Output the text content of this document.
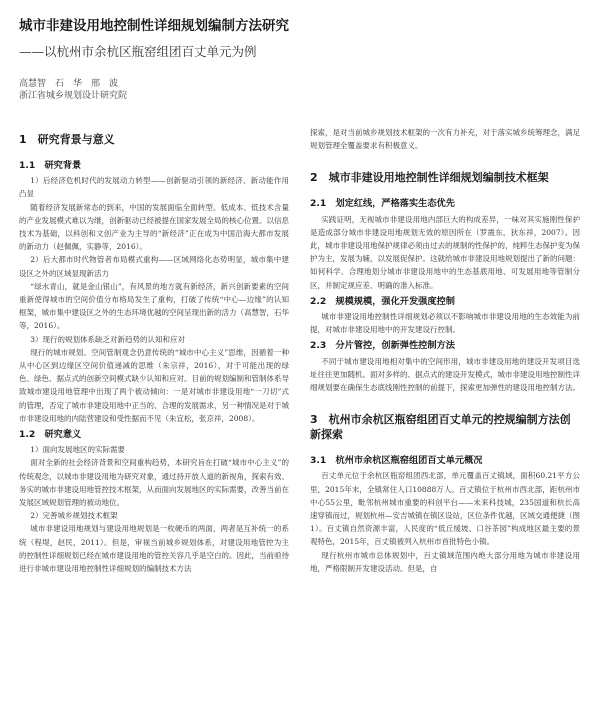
城市非建设用地控制性详细规划编制方法研究
——以杭州市余杭区瓶窑组团百丈单元为例
高慧智　石　华　邢　波
浙江省城乡规划设计研究院
1　研究背景与意义
1.1　研究背景

1）后经济危机时代的发展动力转型——创新驱动引领的新经济、新动能作用凸显

随着经济发展新常态的到来，中国的发展面临全面转型。低成本、低技术含量的产业发展模式难以为继，创新驱动已经被提在国家发展全局的核心位置。以信息技术为基础，以科创和文创产业为主导的“新经济”正在成为中国沿海大都市发展的新动力（赵佩佩，实静等，2016）。

2）后大都市时代物管者布局模式重构——区域网络化态势明显，城市集中建设区之外的区域显现新活力

“绿水青山，就是金山银山”，有风景的地方就有新经济，新兴创新要素的空间重新使得城市的空间价值分布格局发生了重构，打破了传统“中心—边缘”的认知框架，城市集中建设区之外的生态环境优越的空间呈现出新的活力（高慧智，石华等，2016）。

3）现行的规划体系缺乏对新趋势的认知和应对

现行的城市规划、空间管制观念仍意传统的“城市中心主义”思维，因循着一种从中心区到边缘区空间价值递减的思维（朱宗祥，2016），对于可能出现的绿色、绿色、据点式的创新空间模式缺少认知和应对。目前的规划编制和管制体系导致城市建设用地管理中出现了两个被动倾向：一是对城市非建设用地“一刀切”式的管理，否定了城市非建设用地中正当的、合理的发展需求，另一种情况是对于城市非建设用地的内陆营建设和受性据而不见（朱宜松，张京祥，2008）。

1.2　研究意义

1）面向发展地区的实际需要

面对全新的社会经济背景和空间重构趋势，本研究旨在打破“城市中心主义”的传统观念，以城市非建设用地为研究对象，通过持开放人道的新视角，探索有效、务实的城市非建设用地管控技术框架，从而面向发展地区的实际需要，改善当前在发展区域规划管理的被动地位。

2）完善城乡规划技术框架

城市非建设用地规划与建设用地规划是一枚硬币的两面，两者是互补统一的系统（程堤，赵民，2011）。但是，审视当前城乡规划体系，对建设用地管控为主的控制性详细规划已经在城市建设用地的管控关容几乎是空白的。因此，当前亟待进行非城市建设用地控制性详细规划的编制技术方法

探索，是对当前城乡规划技术框架的一次有力补充，对于落实城乡统筹理念，满足规划管理全覆盖要求有积极意义。

2　城市非建设用地控制性详细规划编制技术框架
2.1　划定红线，严格落实生态优先

实践证明，无视城市非建设用地内部巨大的构成差异，一味对其实施刚性保护是造成部分城市非建设用地规划无效的原因所在（罗震东，狄东祥，2007）。因此，城市非建设用地保护规律必须由过去的规制的性保护的，纯粹生态保护变为保护为主，发展为辅，以发展促保护。这就给城市非建设用地规划提出了新的问题：如何科学、合理地划分城市非建设用地中的生态基底用地、可发展用地等管制分区，并制定规应差、明确的准入标准。

2.2　规模规模，强化开发强度控制

城市非建设用地控制性详细规划必须以不影响城市非建设用地的生态效能为前提，对城市非建设用地中的开发建设行控制。

2.3　分片管控，创新弹性控制方法

不同于城市建设用地相对集中的空间形用，城市非建设用地的建设开发项目选址往往更加随机。面对多样的、据点式的建设开发模式，城市非建设用地控制性详细规划要在确保生态底线刚性控制的前提下，探索更加弹性的建设用地控制方法。

3　杭州市余杭区瓶窑组团百丈单元的控规编制方法创新探索
3.1　杭州市余杭区瓶窑组团百丈单元概况

百丈单元位于余杭区瓶窑组团西北部，单元覆盖百丈镇域，面积60.21平方公里，2015年末，全镇常住人口10888万人。百丈镇位于杭州市西北部，距杭州市中心55公里，毗邻杭州城市重要的科创平台——未来科技城，235国道和杭长高速穿镇而过，规划杭州—安吉城镇在镇区设站，区位条件优越，区域交通便捷（图1）。百丈镇自然资源丰富，人民度的“低丘缓坡、口谷茶园”构成地区最主要的景观特色，2015年，百丈镇被列入杭州市首批特色小镇。

现行杭州市城市总体规划中，百丈镇域范围内绝大部分用地为城市非建设用地，严格限制开发建设活动。但是，自
